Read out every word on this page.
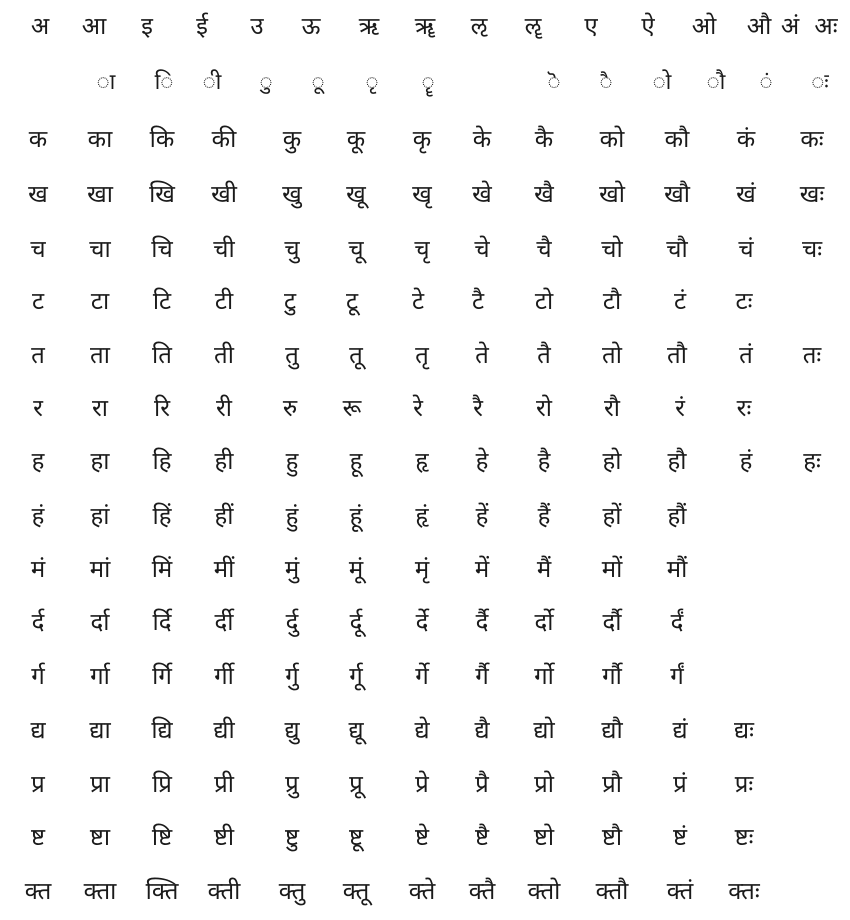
अ आ इ ई उ ऊ ऋ ॠ ऌ ॡ ए ऐ ओ औ अं अः
ा ि ी ु ू ृ ॄ	ॆ ै ो ौ ं ः
क का कि की कु कू कृ के कै को कौ कं कः
ख खा खि खी खु खू खृ खे खै खो खौ खं खः
च चा चि ची चु चू चृ चे चै चो चौ चं चः
ट टा टि टी टु टू टे टै टो टौ टं टः
त ता ति ती तु तू तृ ते तै तो तौ तं तः
र रा रि री रु रू रे रै रो रौ रं रः
ह हा हि ही हु हू हृ हे है हो हौ हं हः
हं हां हिं हीं हुं हूं हृं हें हैं हों हौं
मं मां मिं मीं मुं मूं मृं में मैं मों मौं
र्द र्दा र्दि र्दी र्दु र्दू र्दे र्दै र्दो र्दौ र्दं
र्ग र्गा र्गि र्गी र्गु र्गू र्गे र्गै र्गो र्गौ र्गं
द्य द्या द्यि द्यी द्यु द्यू द्ये द्यै द्यो द्यौ द्यं द्यः
प्र प्रा प्रि प्री प्रु प्रू प्रे प्रै प्रो प्रौ प्रं प्रः
ष्ट ष्टा ष्टि ष्टी ष्टु ष्टू ष्टे ष्टै ष्टो ष्टौ ष्टं ष्टः
क्त क्ता क्ति क्ती क्तु क्तू क्ते क्तै क्तो क्तौ क्तं क्तः
